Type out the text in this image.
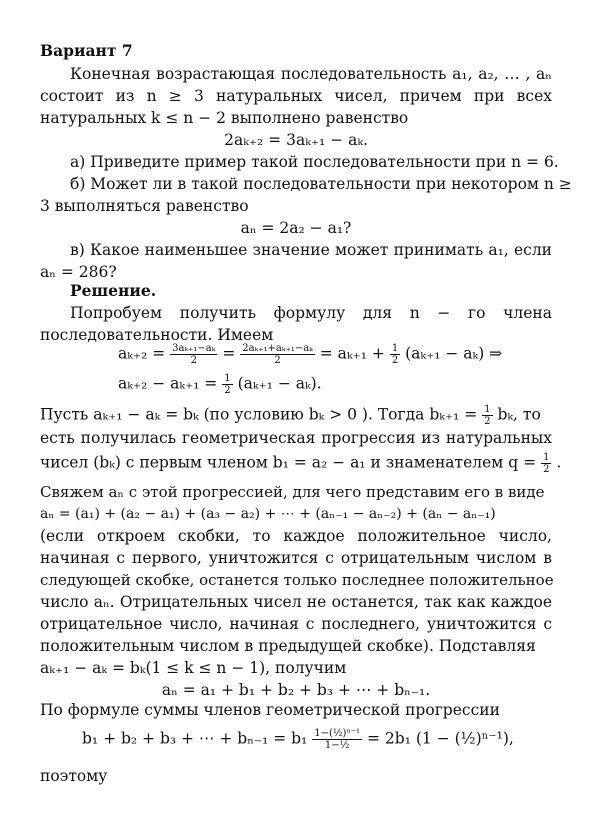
Вариант 7
Конечная возрастающая последовательность a₁, a₂, … , aₙ
состоит из n ≥ 3 натуральных чисел, причем при всех
натуральных k ≤ n − 2 выполнено равенство
2aₖ₊₂ = 3aₖ₊₁ − aₖ.
а) Приведите пример такой последовательности при n = 6.
б) Может ли в такой последовательности при некотором n ≥
3 выполняться равенство
aₙ = 2a₂ − a₁?
в) Какое наименьшее значение может принимать a₁, если
aₙ = 286?
Решение.
Попробуем получить формулу для n − го члена
последовательности. Имеем
$a_{k+2} = \frac{\text{3aₖ₊₁−aₖ}}{2} = \frac{\text{2aₖ₊₁+aₖ₊₁−aₖ}}{2} = a_{k+1} + \frac{1}{2} (a_{k+1} - a_k)$ ⇒
$a_{k+2} - a_{k+1} = \frac{1}{2} (a_{k+1} - a_k)$.
Пусть aₖ₊₁ − aₖ = bₖ (по условию bₖ > 0 ). Тогда $b_{k+1} = \frac{1}{2} b_k$, то
есть получилась геометрическая прогрессия из натуральных
чисел (bₖ) с первым членом b₁ = a₂ − a₁ и знаменателем $q = \frac{1}{2}$ .
Свяжем aₙ с этой прогрессией, для чего представим его в виде
aₙ = (a₁) + (a₂ − a₁) + (a₃ − a₂) + ⋯ + (aₙ₋₁ − aₙ₋₂) + (aₙ − aₙ₋₁)
(если откроем скобки, то каждое положительное число,
начиная с первого, уничтожится с отрицательным числом в
следующей скобке, останется только последнее положительное
число aₙ. Отрицательных чисел не останется, так как каждое
отрицательное число, начиная с последнего, уничтожится с
положительным числом в предыдущей скобке). Подставляя
aₖ₊₁ − aₖ = bₖ(1 ≤ k ≤ n − 1), получим
aₙ = a₁ + b₁ + b₂ + b₃ + ⋯ + bₙ₋₁.
По формуле суммы членов геометрической прогрессии
b₁ + b₂ + b₃ + ⋯ + $b_{n-1} = b_1 \frac{\text{1−(½)ⁿ⁻¹}}{\text{1−½}} = 2b_1$ (1 − (½)ⁿ⁻¹),
поэтому
